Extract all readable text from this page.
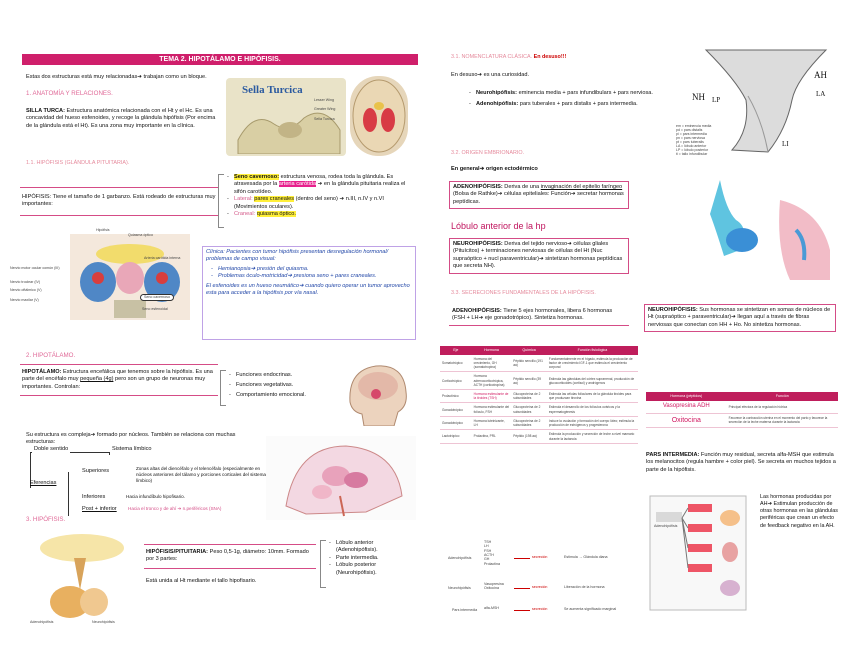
TEMA 2. HIPOTÁLAMO E HIPÓFISIS.
Estas dos estructuras está muy relacionadas➔ trabajan como un bloque.
1. ANATOMÍA Y RELACIONES.
SILLA TURCA: Estructura anatómica relacionada con el Ht y el Hc. Es una concavidad del hueso esfenoides, y recoge la glándula hipófisis (Por encima de la glándula está el Ht). Es una zona muy importante en la clínica.
Sella Turcica
Lesser Wing
Greater Wing
Sella Turcica
1.1. HIPÓFISIS (GLÁNDULA PITUITARIA).
HIPÓFISIS: Tiene el tamaño de 1 garbanzo. Está rodeado de estructuras muy importantes:
- Seno cavernoso: estructura venosa, rodea toda la glándula. Es atravesada por la arteria carótida ➔ en la glándula pituitaria realiza el sifón carotídeo.
- Lateral: pares craneales (dentro del seno) ➔ n.III, n.IV y n.VI (Movimientos oculares).
- Craneal: quiasma óptico.
Hipófisis
Quiasma óptico
Nervio motor ocular común (III)
Nervio troclear (IV)
Nervio oftálmico (V)
Nervio maxilar (V)
Arteria carótida interna
Seno cavernoso
Seno esfenoidal
Clínica: Pacientes con tumor hipófisis presentan desregulación hormonal/ problemas de campo visual:
- Hemianopsia➔ presión del quiasma.
- Problemas óculo-motricidad➔ presiona seno + pares craneales.
El esfenoides es un hueso neumático➔ cuando quiero operar un tumor aprovecho esta para acceder a la hipófisis por vía nasal.
2. HIPOTÁLAMO.
HIPOTÁLAMO: Estructura encefálica que tenemos sobre la hipófisis. Es una parte del encéfalo muy pequeña (4g) pero son un grupo de neuronas muy importantes. Controlan:
- Funciones endocrinas.
- Funciones vegetativas.
- Comportamiento emocional.
Su estructura es compleja➔ formado por núcleos. También se relaciona con muchas estructuras:
Doble sentido	Sistema límbico
Eferencias
Superiores	Zonas altas del diencéfalo y el telencéfalo (especialmente en núcleos anteriores del tálamo y porciones corticales del sistema límbico)
Inferiores	Hacia infundíbulo hipofisario.
Post + inferior Hacia el tronco y de ahí ➔ n.periféricos (SNA)
3. HIPÓFISIS.
Adenohipófisis	Neurohipófisis
HIPÓFISIS/PITUITARIA: Peso 0,5-1g, diámetro: 10mm. Formado por 3 partes:
Está unida al Ht mediante el tallo hipofisario.
- Lóbulo anterior (Adenohipófisis).
- Parte intermedia.
- Lóbulo posterior (Neurohipófisis).
3.1. NOMENCLATURA CLÁSICA. En desuso!!!
En desuso➔ es una curiosidad.
- Neurohipófisis: eminencia media + pars infundibulars + pars nerviosa.
- Adenohipófisis: pars tuberales + pars distalis + pars intermedia.
AH
NH LP
LA
LI
em = eminencia media
pd = pars distalis
pi = pars intermedia
pn = pars nerviosa
pt = pars tuberalis
LA = lóbulo anterior
LP = lóbulo posterior
ti = tallo infundibular
3.2. ORIGEN EMBRIONARIO.
En general➔ origen ectodérmico
ADENOHIPÓFISIS: Deriva de una invaginación del epitelio faríngeo (Bolsa de Rathke)➔ células epiteliales: Función➔ secretar hormonas peptídicas.
Lóbulo anterior de la hp
NEUROHIPÓFISIS: Deriva del tejido nervioso➔ células gliales (Pituícitos) + terminaciones nerviosas de células del Ht (Nuc supraóptico + nucl paraventricular)➔ sintetizan hormonas peptídicas que secreta NH).
3.3. SECRECIONES FUNDAMENTALES DE LA HIPÓFISIS.
ADENOHIPÓFISIS: Tiene 5 ejes hormonales, libera 6 hormonas (FSH + LH➔ eje gonadotrópico). Sintetiza hormonas.
NEUROHIPÓFISIS: Sus hormonas se sintetizan en somas de núcleos de Ht (supraóptico + paraventricular)➔ llegan aquí a través de fibras nerviosas que conectan con HH + Ho. No sintetiza hormonas.
Eje	Hormona	Química	Función fisiológica
Somatotrópico	Hormona del crecimiento, GH (somatotropina)	Péptido sencillo (191 aa)	Fundamentalmente en el hígado, estimula la producción de factor de crecimiento IGF-1 que estimula el crecimiento corporal
Corticotrópico	Hormona adrenocorticotrópica, ACTH (corticotropina)	Péptido sencillo (39 aa)	Estimula las glándulas del córtex suprarrenal, producción de glucocorticoides (cortisol) y andrógenos
Prolactínico	Hormona estimulante de la tiroides (TSH)	Glucoproteína de 2 subunidades	Estimula las células foliculares de la glándula tiroides para que produzcan tiroxina
Gonadotrópico	Hormona estimulante del folículo, FSH	Glucoproteína de 2 subunidades	Estimula el desarrollo de los folículos ováricos y la espermatogénesis
Gonadotrópico	Hormona luteinizante, LH	Glucoproteína de 2 subunidades	Induce la ovulación y formación del cuerpo lúteo; estimula la producción de estrógenos y progesterona
Lactotrópico	Prolactina, PRL	Péptido (198 aa)	Estimula la producción y secreción de leche a nivel mamario durante la lactancia
Hormona (péptidos)	Función
Vasopresina ADH	Principal efectora de la regulación hídrica
Oxitocina	Favorece la contracción uterina en el momento del parto y favorece la secreción de la leche materna durante la lactancia
PARS INTERMEDIA: Función muy residual, secreta alfa-MSH que estimula los melanocitos (regula hambre + color piel). Se secreta en muchos tejidos a parte de la hipófisis.
Adenohipófisis
Las hormonas producidas por AH➔ Estimulan producción de otras hormonas en las glándulas periféricas que crean un efecto de feedback negativo en la AH.
Adenohipófisis
Neurohipófisis
Pars intermedia
TSH
LH
FSH
ACTH
GH
Prolactina
Vasopresina
Oxitocina
alfa-MSH
secreción
secreción
secreción
Estimula → Glándula diana
Liberación de la hormona
Se aumenta significado marginal
